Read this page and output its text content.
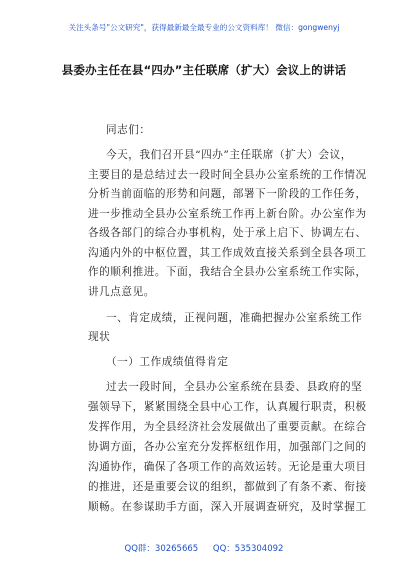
关注头条号"公文研究"，获得最新最全最专业的公文资料库！ 微信：gongwenyj
县委办主任在县“四办”主任联席（扩大）会议上的讲话
同志们：
今天，我们召开县“四办”主任联席（扩大）会议，
主要目的是总结过去一段时间全县办公室系统的工作情况
分析当前面临的形势和问题，部署下一阶段的工作任务，
进一步推动全县办公室系统工作再上新台阶。办公室作为
各级各部门的综合办事机构，处于承上启下、协调左右、
沟通内外的中枢位置，其工作成效直接关系到全县各项工
作的顺利推进。下面，我结合全县办公室系统工作实际，
讲几点意见。
一、肯定成绩，正视问题，准确把握办公室系统工作
现状
（一）工作成绩值得肯定
过去一段时间，全县办公室系统在县委、县政府的坚
强领导下，紧紧围绕全县中心工作，认真履行职责，积极
发挥作用，为全县经济社会发展做出了重要贡献。在综合
协调方面，各办公室充分发挥枢纽作用，加强部门之间的
沟通协作，确保了各项工作的高效运转。无论是重大项目
的推进，还是重要会议的组织，都做到了有条不紊、衔接
顺畅。在参谋助手方面，深入开展调查研究，及时掌握工
QQ群：30265665 QQ：535304092
